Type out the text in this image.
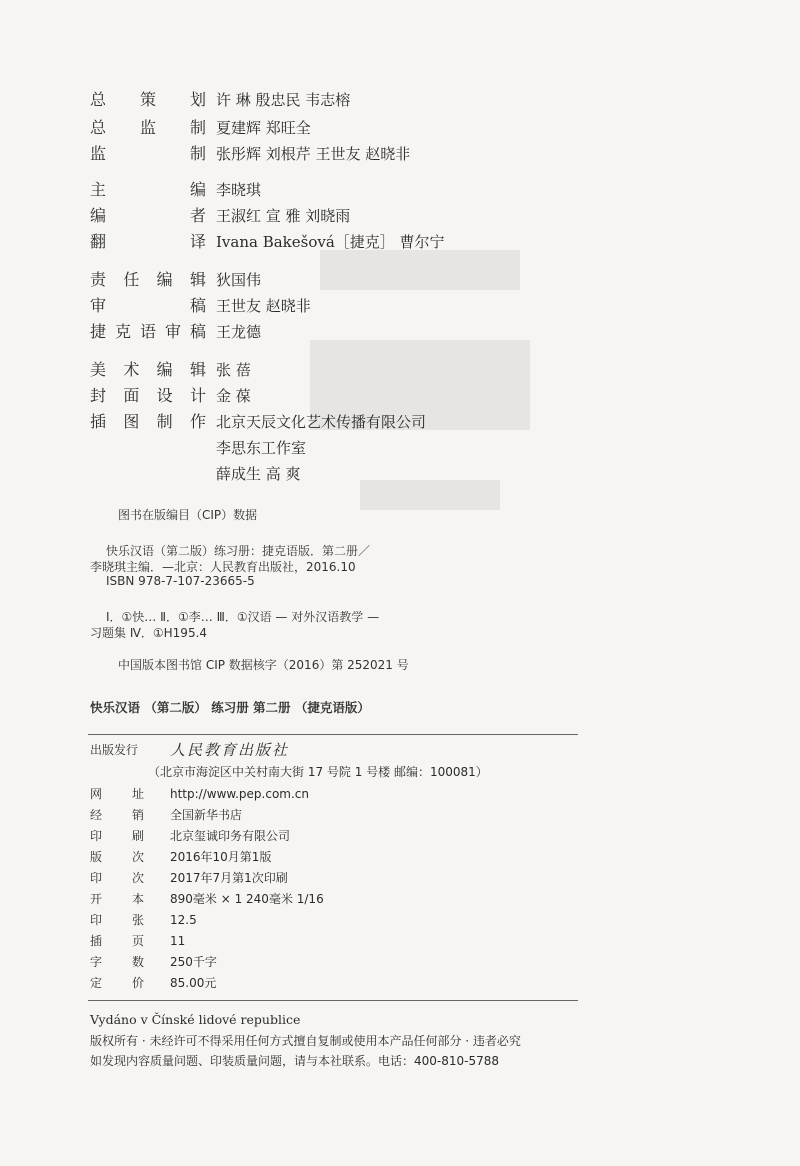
总 策 划 许 琳 殷忠民 韦志榕
总 监 制 夏建辉 郑旺全
监	制 张彤辉 刘根芹 王世友 赵晓非
主	编 李晓琪
编	者 王淑红 宣 雅 刘晓雨
翻	译 Ivana Bakešová［捷克］ 曹尔宁
责 任 编 辑 狄国伟
审	稿 王世友 赵晓非
捷 克 语 审 稿 王龙德
美 术 编 辑 张 蓓
封 面 设 计 金 葆
插 图 制 作 北京天辰文化艺术传播有限公司
李思东工作室
薛成生 高 爽
图书在版编目（CIP）数据
快乐汉语（第二版）练习册：捷克语版．第二册／
李晓琪主编．—北京：人民教育出版社，2016.10
ISBN 978-7-107-23665-5
Ⅰ．①快… Ⅱ．①李… Ⅲ．①汉语 — 对外汉语教学 —
习题集 Ⅳ．①H195.4
中国版本图书馆 CIP 数据核字（2016）第 252021 号
快乐汉语 （第二版） 练习册 第二册 （捷克语版）
出版发行	人民教育出版社
（北京市海淀区中关村南大街 17 号院 1 号楼 邮编：100081）
网 址 http://www.pep.com.cn
经 销 全国新华书店
印 刷 北京玺诚印务有限公司
版 次 2016年10月第1版
印 次 2017年7月第1次印刷
开 本 890毫米 × 1 240毫米 1/16
印 张 12.5
插 页 11
字 数 250千字
定 价 85.00元
Vydáno v Čínské lidové republice
版权所有 · 未经许可不得采用任何方式擅自复制或使用本产品任何部分 · 违者必究
如发现内容质量问题、印装质量问题，请与本社联系。电话：400-810-5788
